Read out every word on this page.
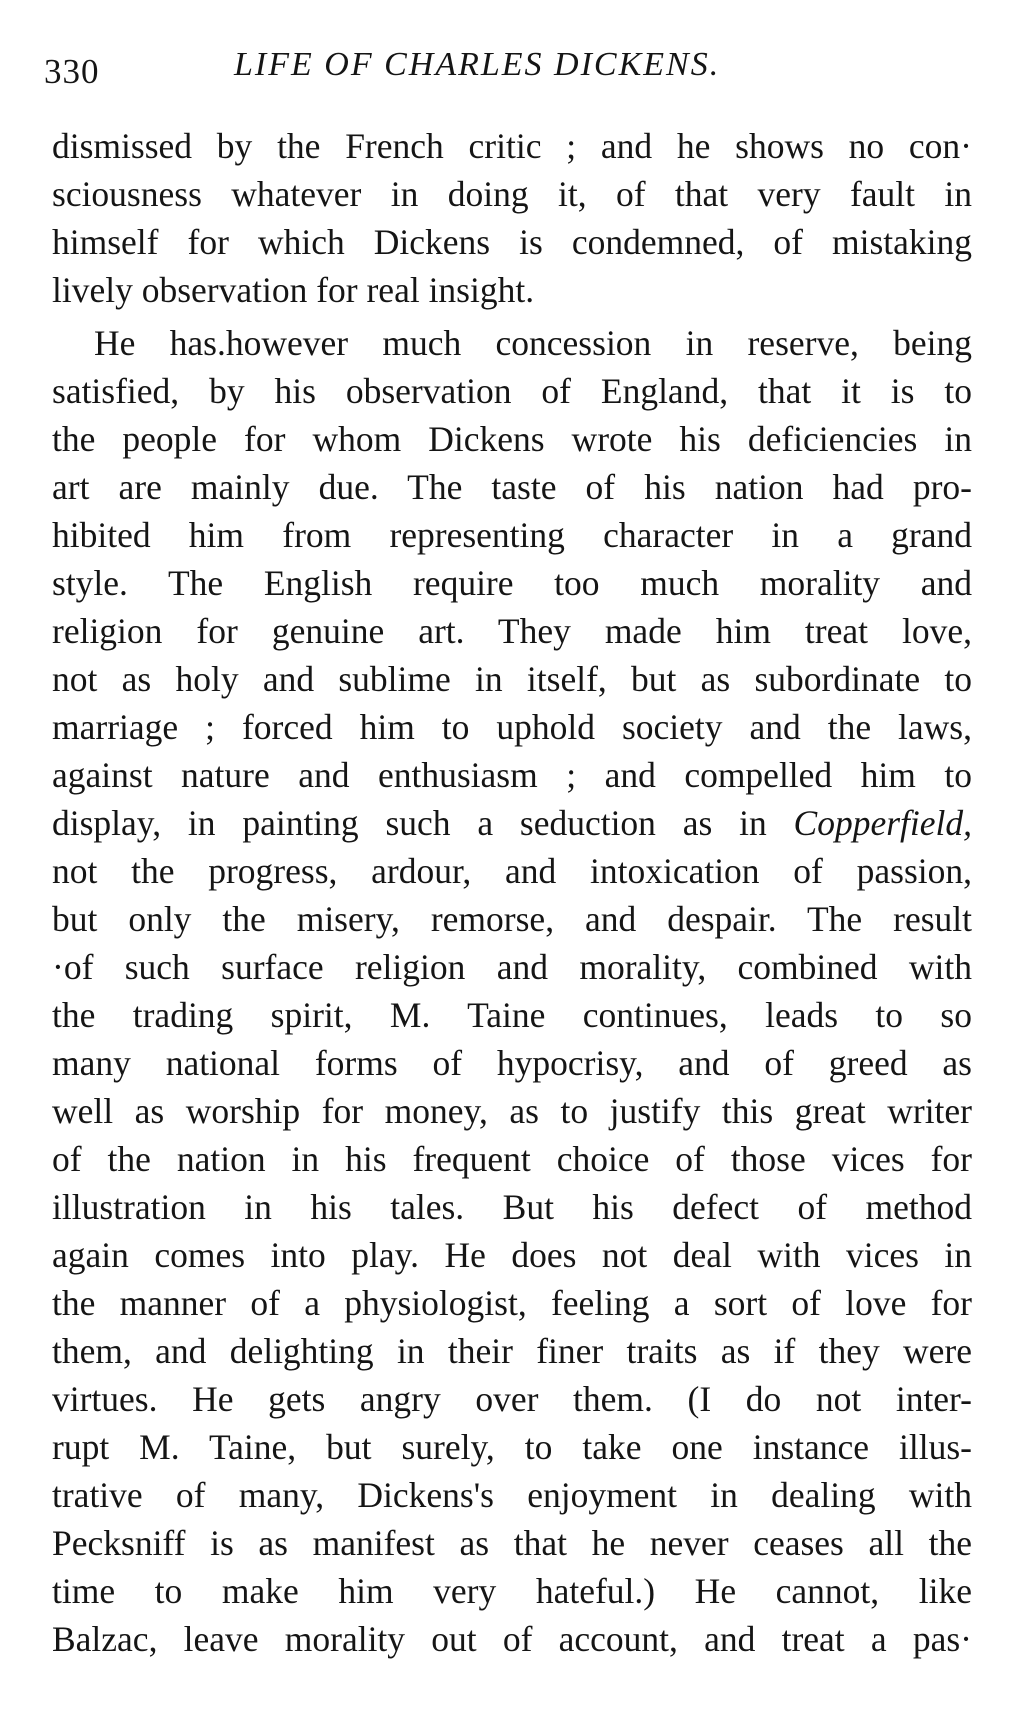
330	LIFE OF CHARLES DICKENS.
dismissed by the French critic ; and he shows no con·
sciousness whatever in doing it, of that very fault in
himself for which Dickens is condemned, of mistaking
lively observation for real insight.
He has.however much concession in reserve, being
satisfied, by his observation of England, that it is to
the people for whom Dickens wrote his deficiencies in
art are mainly due. The taste of his nation had pro-
hibited him from representing character in a grand
style. The English require too much morality and
religion for genuine art. They made him treat love,
not as holy and sublime in itself, but as subordinate to
marriage ; forced him to uphold society and the laws,
against nature and enthusiasm ; and compelled him to
display, in painting such a seduction as in Copperfield,
not the progress, ardour, and intoxication of passion,
but only the misery, remorse, and despair. The result
·of such surface religion and morality, combined with
the trading spirit, M. Taine continues, leads to so
many national forms of hypocrisy, and of greed as
well as worship for money, as to justify this great writer
of the nation in his frequent choice of those vices for
illustration in his tales. But his defect of method
again comes into play. He does not deal with vices in
the manner of a physiologist, feeling a sort of love for
them, and delighting in their finer traits as if they were
virtues. He gets angry over them. (I do not inter-
rupt M. Taine, but surely, to take one instance illus-
trative of many, Dickens's enjoyment in dealing with
Pecksniff is as manifest as that he never ceases all the
time to make him very hateful.) He cannot, like
Balzac, leave morality out of account, and treat a pas·
